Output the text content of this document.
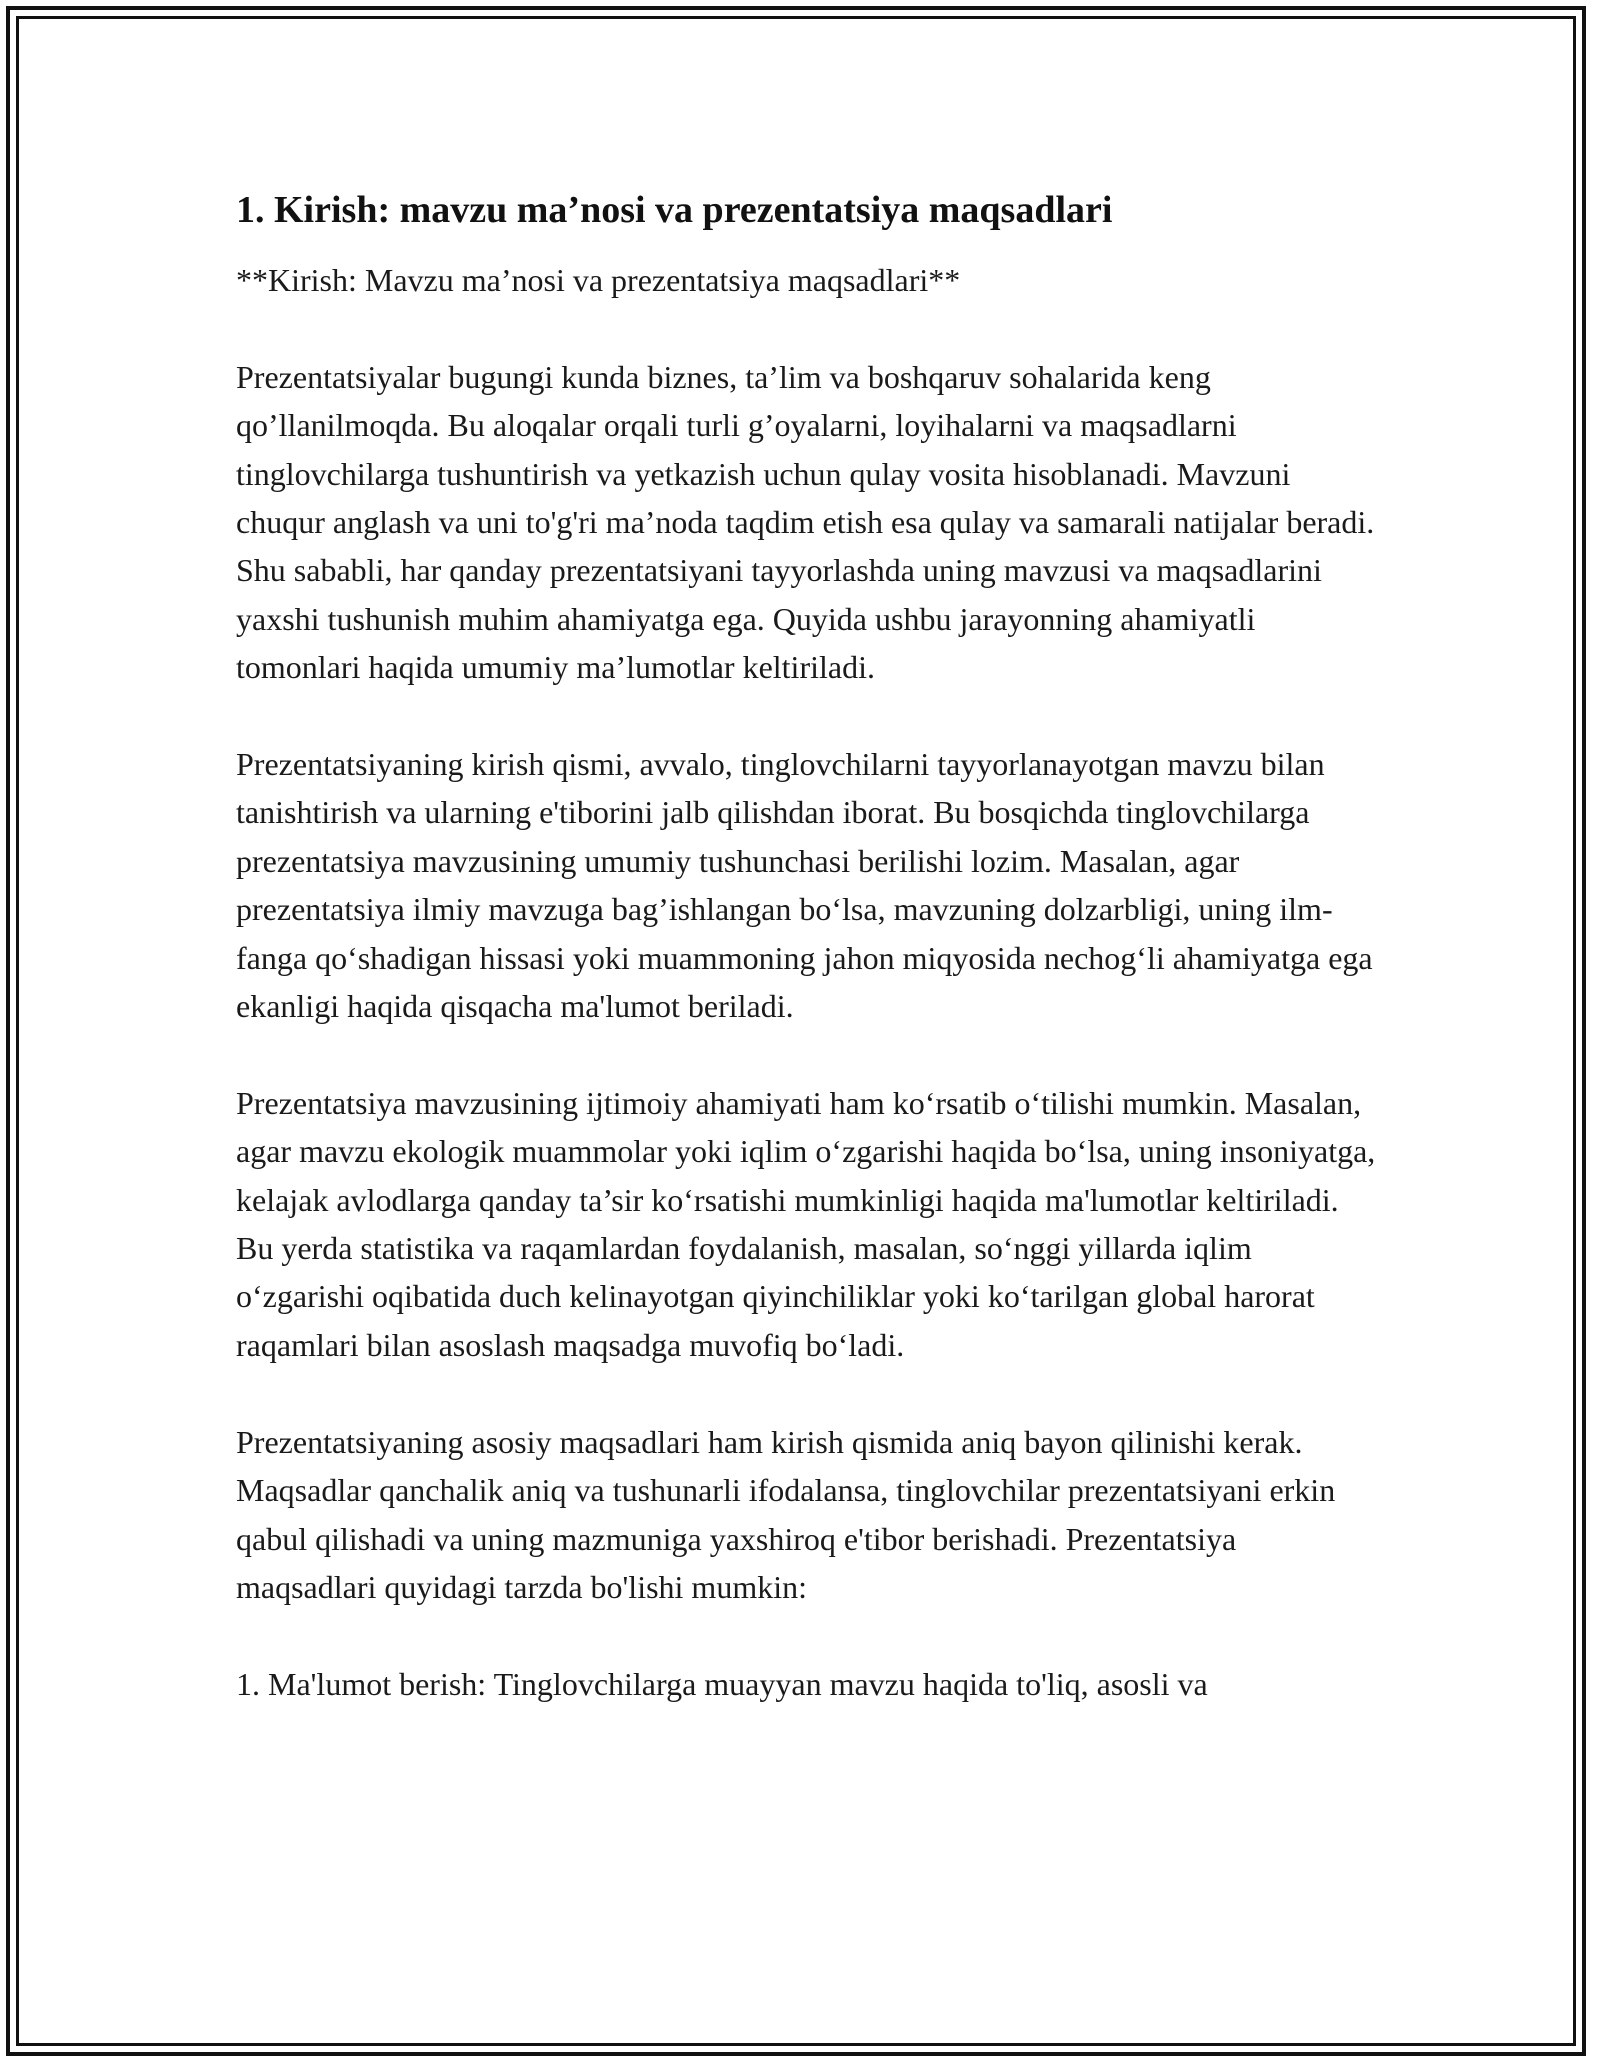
1. Kirish: mavzu ma’nosi va prezentatsiya maqsadlari

**Kirish: Mavzu ma’nosi va prezentatsiya maqsadlari**

Prezentatsiyalar bugungi kunda biznes, ta’lim va boshqaruv sohalarida keng qo’llanilmoqda. Bu aloqalar orqali turli g’oyalarni, loyihalarni va maqsadlarni tinglovchilarga tushuntirish va yetkazish uchun qulay vosita hisoblanadi. Mavzuni chuqur anglash va uni to'g'ri ma’noda taqdim etish esa qulay va samarali natijalar beradi. Shu sababli, har qanday prezentatsiyani tayyorlashda uning mavzusi va maqsadlarini yaxshi tushunish muhim ahamiyatga ega. Quyida ushbu jarayonning ahamiyatli tomonlari haqida umumiy ma’lumotlar keltiriladi.

Prezentatsiyaning kirish qismi, avvalo, tinglovchilarni tayyorlanayotgan mavzu bilan tanishtirish va ularning e'tiborini jalb qilishdan iborat. Bu bosqichda tinglovchilarga prezentatsiya mavzusining umumiy tushunchasi berilishi lozim. Masalan, agar prezentatsiya ilmiy mavzuga bag’ishlangan bo‘lsa, mavzuning dolzarbligi, uning ilm-fanga qo‘shadigan hissasi yoki muammoning jahon miqyosida nechog‘li ahamiyatga ega ekanligi haqida qisqacha ma'lumot beriladi.

Prezentatsiya mavzusining ijtimoiy ahamiyati ham ko‘rsatib o‘tilishi mumkin. Masalan, agar mavzu ekologik muammolar yoki iqlim o‘zgarishi haqida bo‘lsa, uning insoniyatga, kelajak avlodlarga qanday ta’sir ko‘rsatishi mumkinligi haqida ma'lumotlar keltiriladi. Bu yerda statistika va raqamlardan foydalanish, masalan, so‘nggi yillarda iqlim o‘zgarishi oqibatida duch kelinayotgan qiyinchiliklar yoki ko‘tarilgan global harorat raqamlari bilan asoslash maqsadga muvofiq bo‘ladi.

Prezentatsiyaning asosiy maqsadlari ham kirish qismida aniq bayon qilinishi kerak. Maqsadlar qanchalik aniq va tushunarli ifodalansa, tinglovchilar prezentatsiyani erkin qabul qilishadi va uning mazmuniga yaxshiroq e'tibor berishadi. Prezentatsiya maqsadlari quyidagi tarzda bo'lishi mumkin:

1. Ma'lumot berish: Tinglovchilarga muayyan mavzu haqida to'liq, asosli va
